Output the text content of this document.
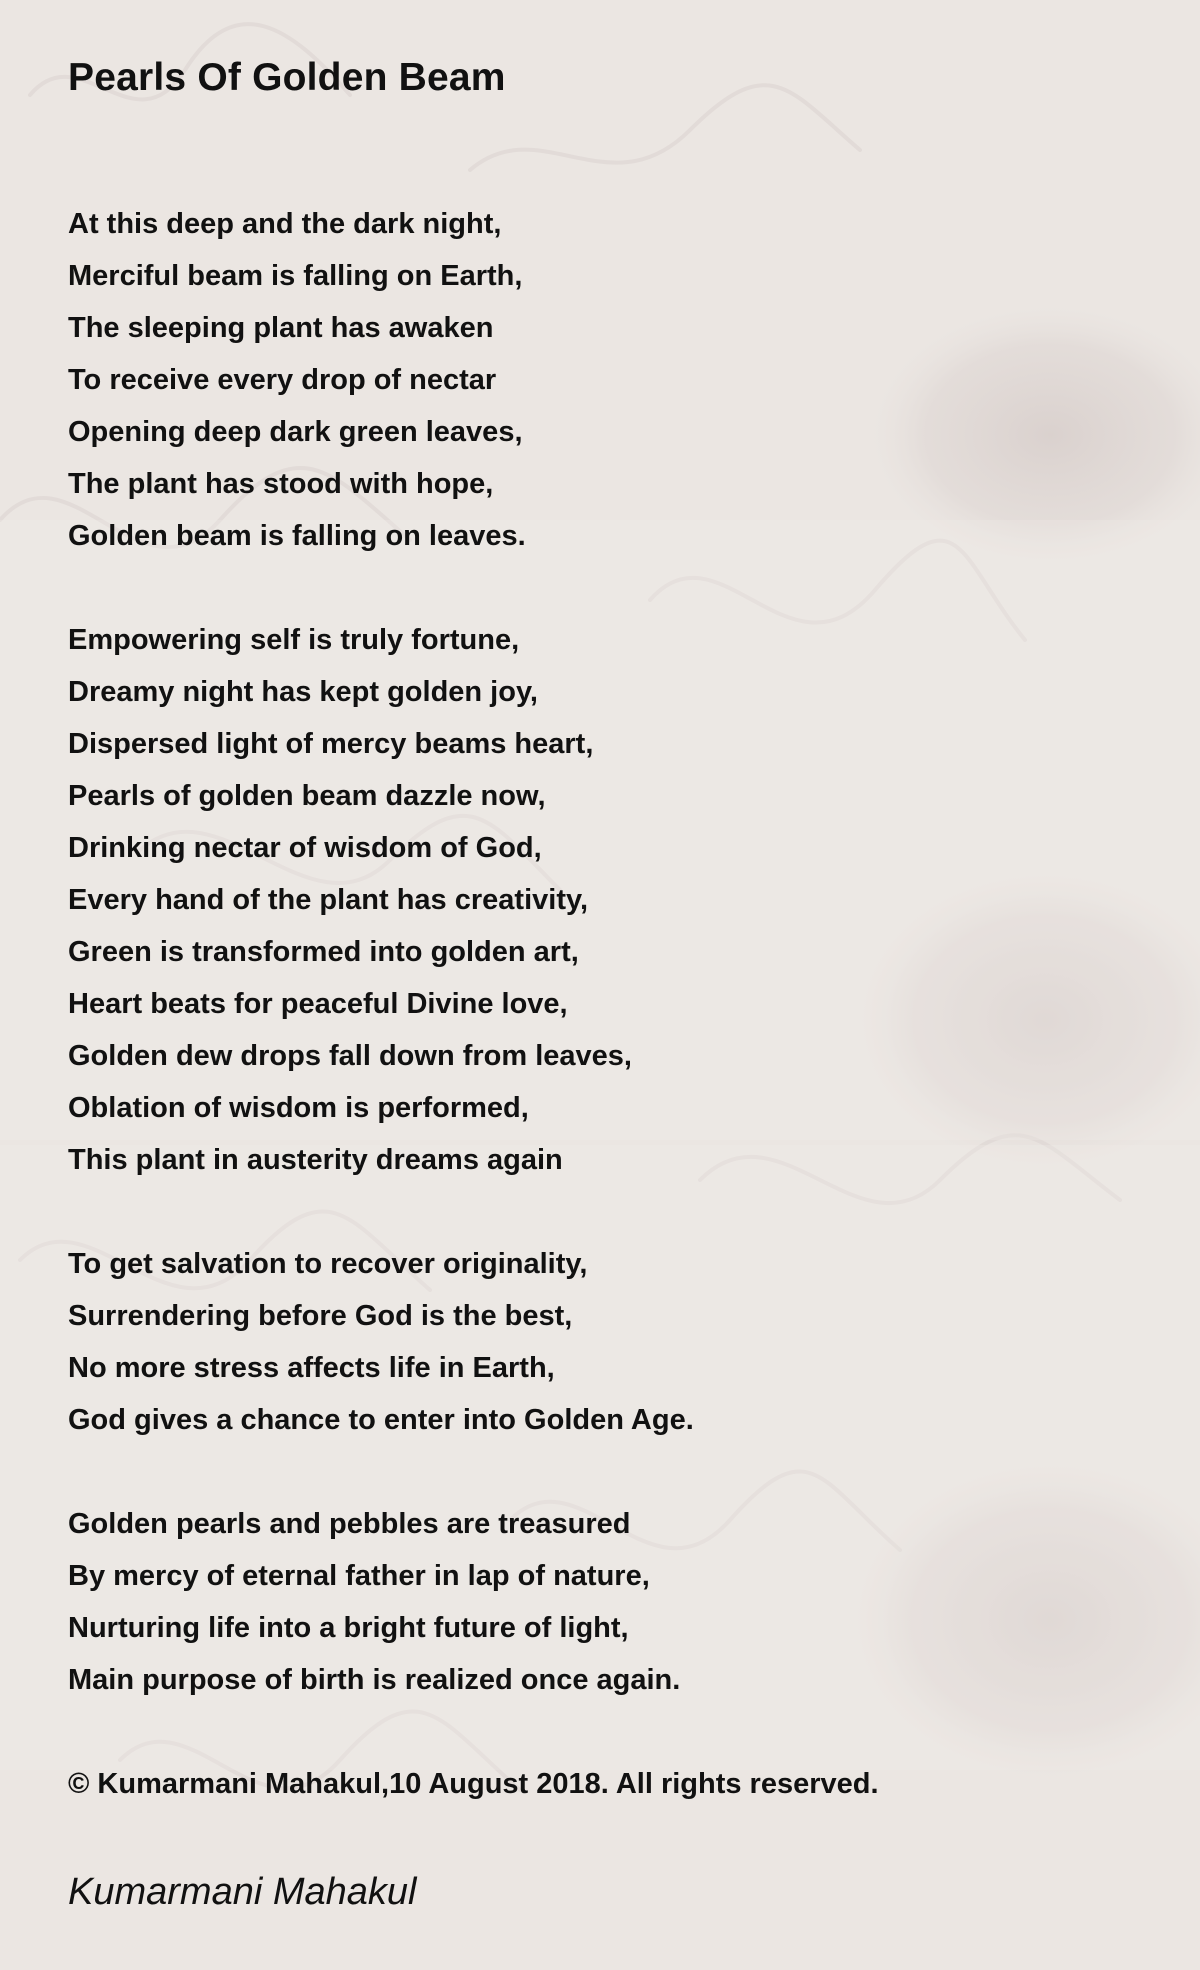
Pearls Of Golden Beam
At this deep and the dark night,
Merciful beam is falling on Earth,
The sleeping plant has awaken
To receive every drop of nectar
Opening deep dark green leaves,
The plant has stood with hope,
Golden beam is falling on leaves.
Empowering self is truly fortune,
Dreamy night has kept golden joy,
Dispersed light of mercy beams heart,
Pearls of golden beam dazzle now,
Drinking nectar of wisdom of God,
Every hand of the plant has creativity,
Green is transformed into golden art,
Heart beats for peaceful Divine love,
Golden dew drops fall down from leaves,
Oblation of wisdom is performed,
This plant in austerity dreams again
To get salvation to recover originality,
Surrendering before God is the best,
No more stress affects life in Earth,
God gives a chance to enter into Golden Age.
Golden pearls and pebbles are treasured
By mercy of eternal father in lap of nature,
Nurturing life into a bright future of light,
Main purpose of birth is realized once again.
© Kumarmani Mahakul,10 August 2018. All rights reserved.
Kumarmani Mahakul
